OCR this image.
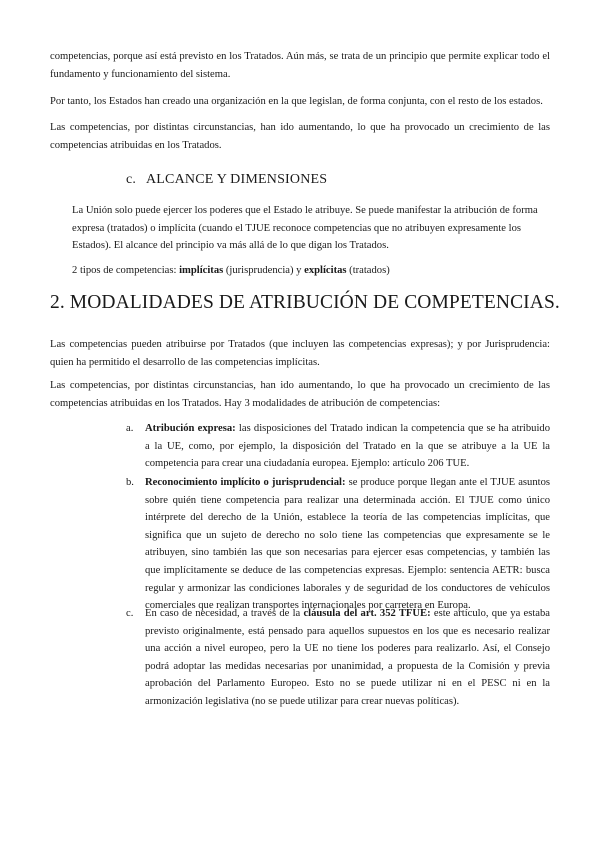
competencias, porque así está previsto en los Tratados. Aún más, se trata de un principio que permite explicar todo el fundamento y funcionamiento del sistema.

Por tanto, los Estados han creado una organización en la que legislan, de forma conjunta, con el resto de los estados.

Las competencias, por distintas circunstancias, han ido aumentando, lo que ha provocado un crecimiento de las competencias atribuidas en los Tratados.

c. ALCANCE Y DIMENSIONES

La Unión solo puede ejercer los poderes que el Estado le atribuye. Se puede manifestar la atribución de forma expresa (tratados) o implícita (cuando el TJUE reconoce competencias que no atribuyen expresamente los Estados). El alcance del principio va más allá de lo que digan los Tratados.

2 tipos de competencias: implícitas (jurisprudencia) y explícitas (tratados)

2. MODALIDADES DE ATRIBUCIÓN DE COMPETENCIAS.

Las competencias pueden atribuirse por Tratados (que incluyen las competencias expresas); y por Jurisprudencia: quien ha permitido el desarrollo de las competencias implícitas.

Las competencias, por distintas circunstancias, han ido aumentando, lo que ha provocado un crecimiento de las competencias atribuidas en los Tratados. Hay 3 modalidades de atribución de competencias:

a. Atribución expresa: las disposiciones del Tratado indican la competencia que se ha atribuido a la UE, como, por ejemplo, la disposición del Tratado en la que se atribuye a la UE la competencia para crear una ciudadanía europea. Ejemplo: artículo 206 TUE.
b. Reconocimiento implícito o jurisprudencial: se produce porque llegan ante el TJUE asuntos sobre quién tiene competencia para realizar una determinada acción. El TJUE como único intérprete del derecho de la Unión, establece la teoría de las competencias implícitas, que significa que un sujeto de derecho no solo tiene las competencias que expresamente se le atribuyen, sino también las que son necesarias para ejercer esas competencias, y también las que implícitamente se deduce de las competencias expresas. Ejemplo: sentencia AETR: busca regular y armonizar las condiciones laborales y de seguridad de los conductores de vehículos comerciales que realizan transportes internacionales por carretera en Europa.
c. En caso de necesidad, a través de la cláusula del art. 352 TFUE: este artículo, que ya estaba previsto originalmente, está pensado para aquellos supuestos en los que es necesario realizar una acción a nivel europeo, pero la UE no tiene los poderes para realizarlo. Así, el Consejo podrá adoptar las medidas necesarias por unanimidad, a propuesta de la Comisión y previa aprobación del Parlamento Europeo. Esto no se puede utilizar ni en el PESC ni en la armonización legislativa (no se puede utilizar para crear nuevas políticas).
